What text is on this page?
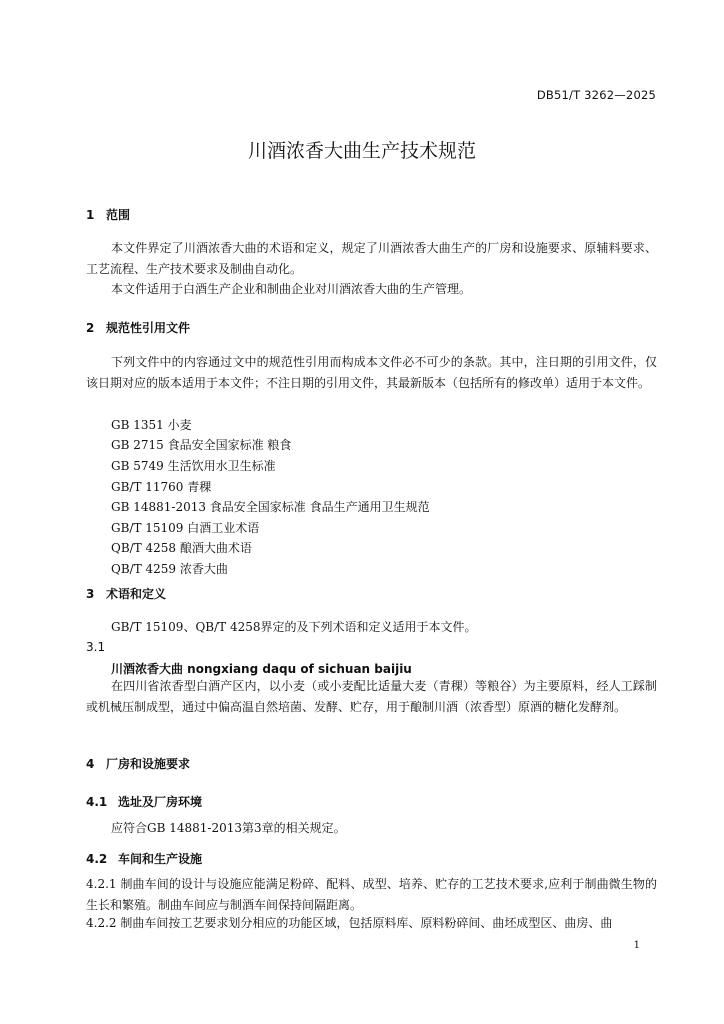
DB51/T 3262—2025
川酒浓香大曲生产技术规范
1 范围

本文件界定了川酒浓香大曲的术语和定义，规定了川酒浓香大曲生产的厂房和设施要求、原辅料要求、工艺流程、生产技术要求及制曲自动化。

本文件适用于白酒生产企业和制曲企业对川酒浓香大曲的生产管理。

2 规范性引用文件

下列文件中的内容通过文中的规范性引用而构成本文件必不可少的条款。其中，注日期的引用文件，仅该日期对应的版本适用于本文件；不注日期的引用文件，其最新版本（包括所有的修改单）适用于本文件。

GB 1351 小麦
GB 2715 食品安全国家标准 粮食
GB 5749 生活饮用水卫生标准
GB/T 11760 青稞
GB 14881-2013 食品安全国家标准 食品生产通用卫生规范
GB/T 15109 白酒工业术语
QB/T 4258 酿酒大曲术语
QB/T 4259 浓香大曲
3 术语和定义

GB/T 15109、QB/T 4258界定的及下列术语和定义适用于本文件。

3.1
川酒浓香大曲 nongxiang daqu of sichuan baijiu

在四川省浓香型白酒产区内，以小麦（或小麦配比适量大麦（青稞）等粮谷）为主要原料，经人工踩制或机械压制成型，通过中偏高温自然培菌、发酵、贮存，用于酿制川酒（浓香型）原酒的糖化发酵剂。

4 厂房和设施要求
4.1 选址及厂房环境

应符合GB 14881-2013第3章的相关规定。

4.2 车间和生产设施

4.2.1 制曲车间的设计与设施应能满足粉碎、配料、成型、培养、贮存的工艺技术要求,应利于制曲微生物的生长和繁殖。制曲车间应与制酒车间保持间隔距离。

4.2.2 制曲车间按工艺要求划分相应的功能区域，包括原料库、原料粉碎间、曲坯成型区、曲房、曲

1
